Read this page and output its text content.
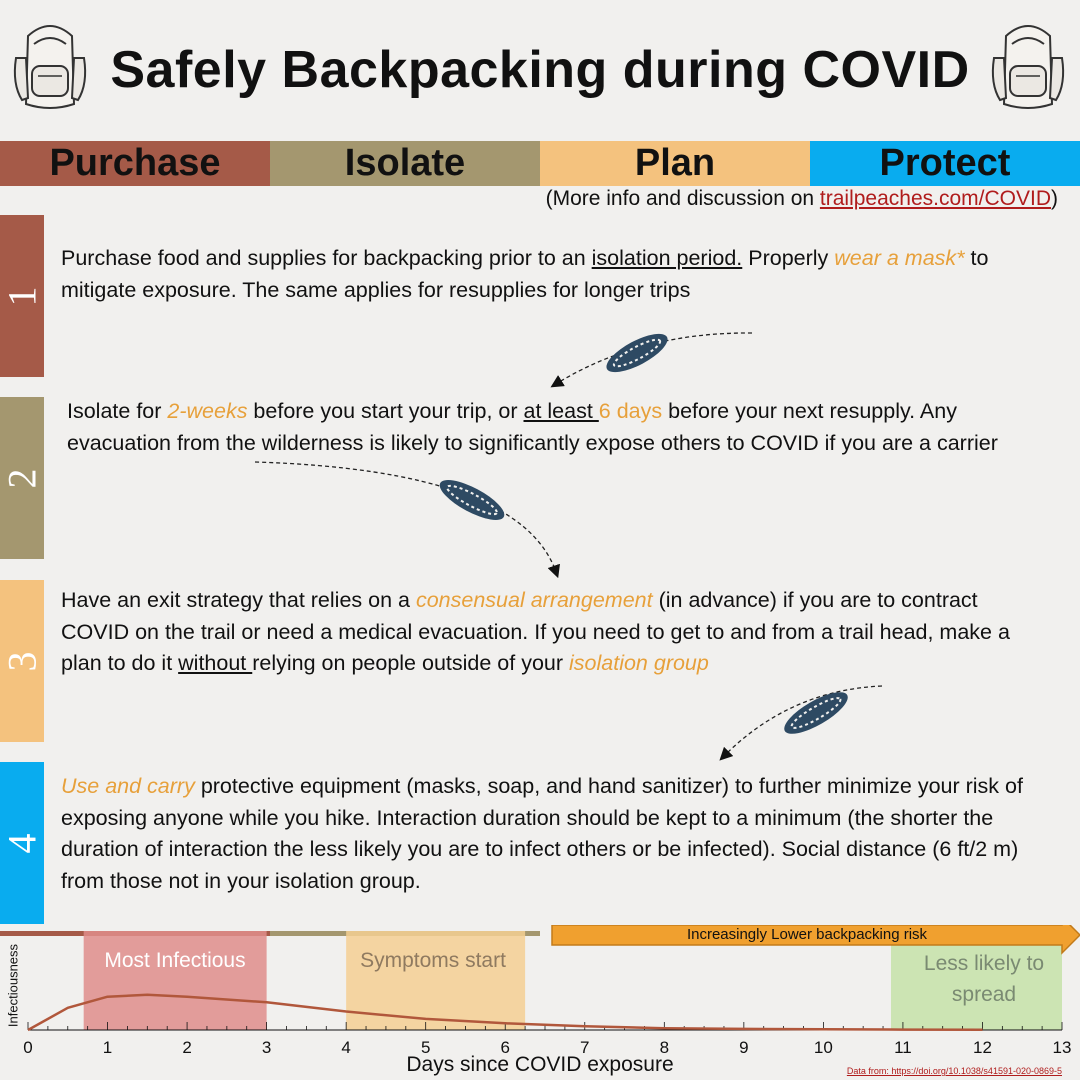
Safely Backpacking during COVID
Purchase	Isolate	Plan	Protect
(More info and discussion on trailpeaches.com/COVID)
1
2
3
4
Purchase food and supplies for backpacking prior to an isolation period. Properly wear a mask* to mitigate exposure. The same applies for resupplies for longer trips
Isolate for 2-weeks before you start your trip, or at least 6 days before your next resupply. Any evacuation from the wilderness is likely to significantly expose others to COVID if you are a carrier
Have an exit strategy that relies on a consensual arrangement (in advance) if you are to contract COVID on the trail or need a medical evacuation. If you need to get to and from a trail head, make a plan to do it without relying on people outside of your isolation group
Use and carry protective equipment (masks, soap, and hand sanitizer) to further minimize your risk of exposing anyone while you hike. Interaction duration should be kept to a minimum (the shorter the duration of interaction the less likely you are to infect others or be infected). Social distance (6 ft/2 m) from those not in your isolation group.
0	1	2	3	4	5	6	7	8	9	10	11	12	13
Most Infectious	Symptoms start	Less likely to spread
Increasingly Lower backpacking risk
Days since COVID exposure
Infectiousness
Data from: https://doi.org/10.1038/s41591-020-0869-5
